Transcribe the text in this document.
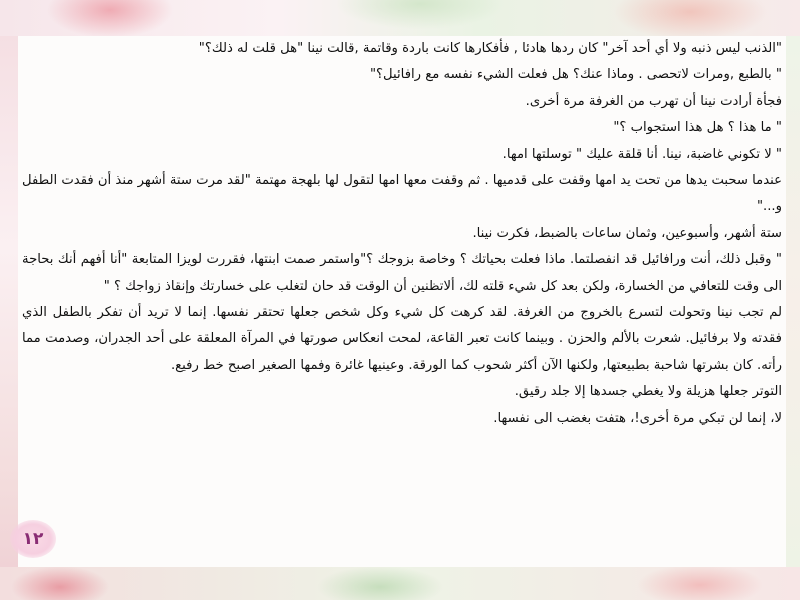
"الذنب ليس ذنبه ولا أي أحد آخر" كان ردها هادئا , فأفكارها كانت باردة وقاتمة ,قالت نينا "هل قلت له ذلك؟"

" بالطبع ,ومرات لاتحصى . وماذا عنك؟ هل فعلت الشيء نفسه مع رافائيل؟"

فجأة أرادت نينا أن تهرب من الغرفة مرة أخرى.

" ما هذا ؟ هل هذا استجواب ؟"

" لا تكوني غاضبة، نينا. أنا قلقة عليك " توسلتها امها.

عندما سحبت يدها من تحت يد امها وقفت على قدميها . ثم وقفت معها امها لتقول لها بلهجة مهتمة "لقد مرت ستة أشهر منذ أن فقدت الطفل و..."

ستة أشهر، وأسبوعين، وثمان ساعات بالضبط، فكرت نينا.

" وقبل ذلك، أنت ورافائيل قد انفصلتما. ماذا فعلت بحياتك ؟ وخاصة بزوجك ؟"واستمر صمت ابنتها، فقررت لويزا المتابعة "أنا أفهم أنك بحاجة الى وقت للتعافي من الخسارة، ولكن بعد كل شيء قلته لك، ألاتظنين أن الوقت قد حان لتغلب على خسارتك وإنقاذ زواجك ؟ "

لم تجب نينا وتحولت لتسرع بالخروج من الغرفة. لقد كرهت كل شيء وكل شخص جعلها تحتقر نفسها. إنما لا تريد أن تفكر بالطفل الذي فقدته ولا برفائيل. شعرت بالألم والحزن . وبينما كانت تعبر القاعة، لمحت انعكاس صورتها في المرآة المعلقة على أحد الجدران، وصدمت مما رأته. كان بشرتها شاحبة بطبيعتها, ولكنها الآن أكثر شحوب كما الورقة. وعينيها غائرة وفمها الصغير اصبح خط رفيع.

التوتر جعلها هزيلة ولا يغطي جسدها إلا جلد رقيق.

لا، إنما لن تبكي مرة أخرى!، هتفت بغضب الى نفسها.

١٢
